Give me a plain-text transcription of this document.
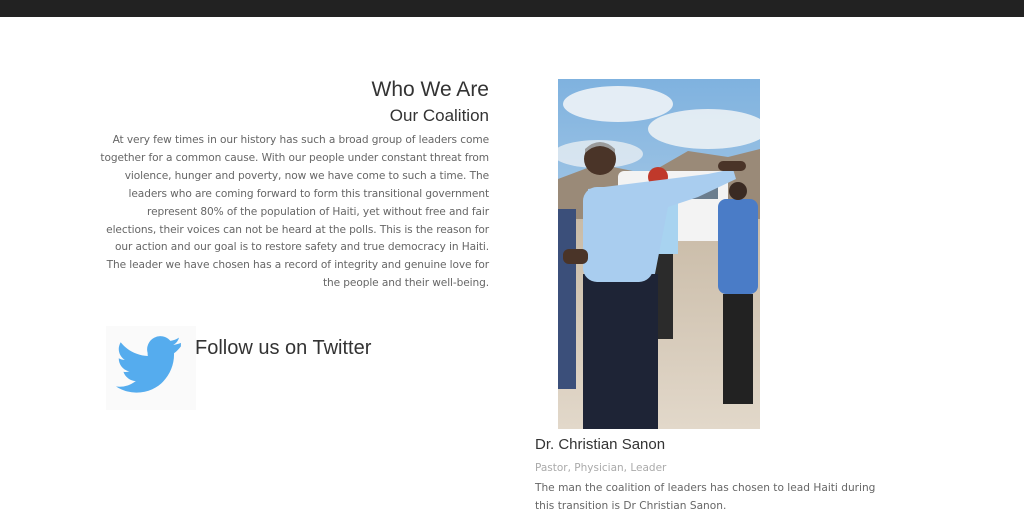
Who We Are
Our Coalition

At very few times in our history has such a broad group of leaders come together for a common cause. With our people under constant threat from violence, hunger and poverty, now we have come to such a time. The leaders who are coming forward to form this transitional government represent 80% of the population of Haiti, yet without free and fair elections, their voices can not be heard at the polls. This is the reason for our action and our goal is to restore safety and true democracy in Haiti. The leader we have chosen has a record of integrity and genuine love for the people and their well-being.

Follow us on Twitter
Dr. Christian Sanon
Pastor, Physician, Leader

The man the coalition of leaders has chosen to lead Haiti during this transition is Dr Christian Sanon.
